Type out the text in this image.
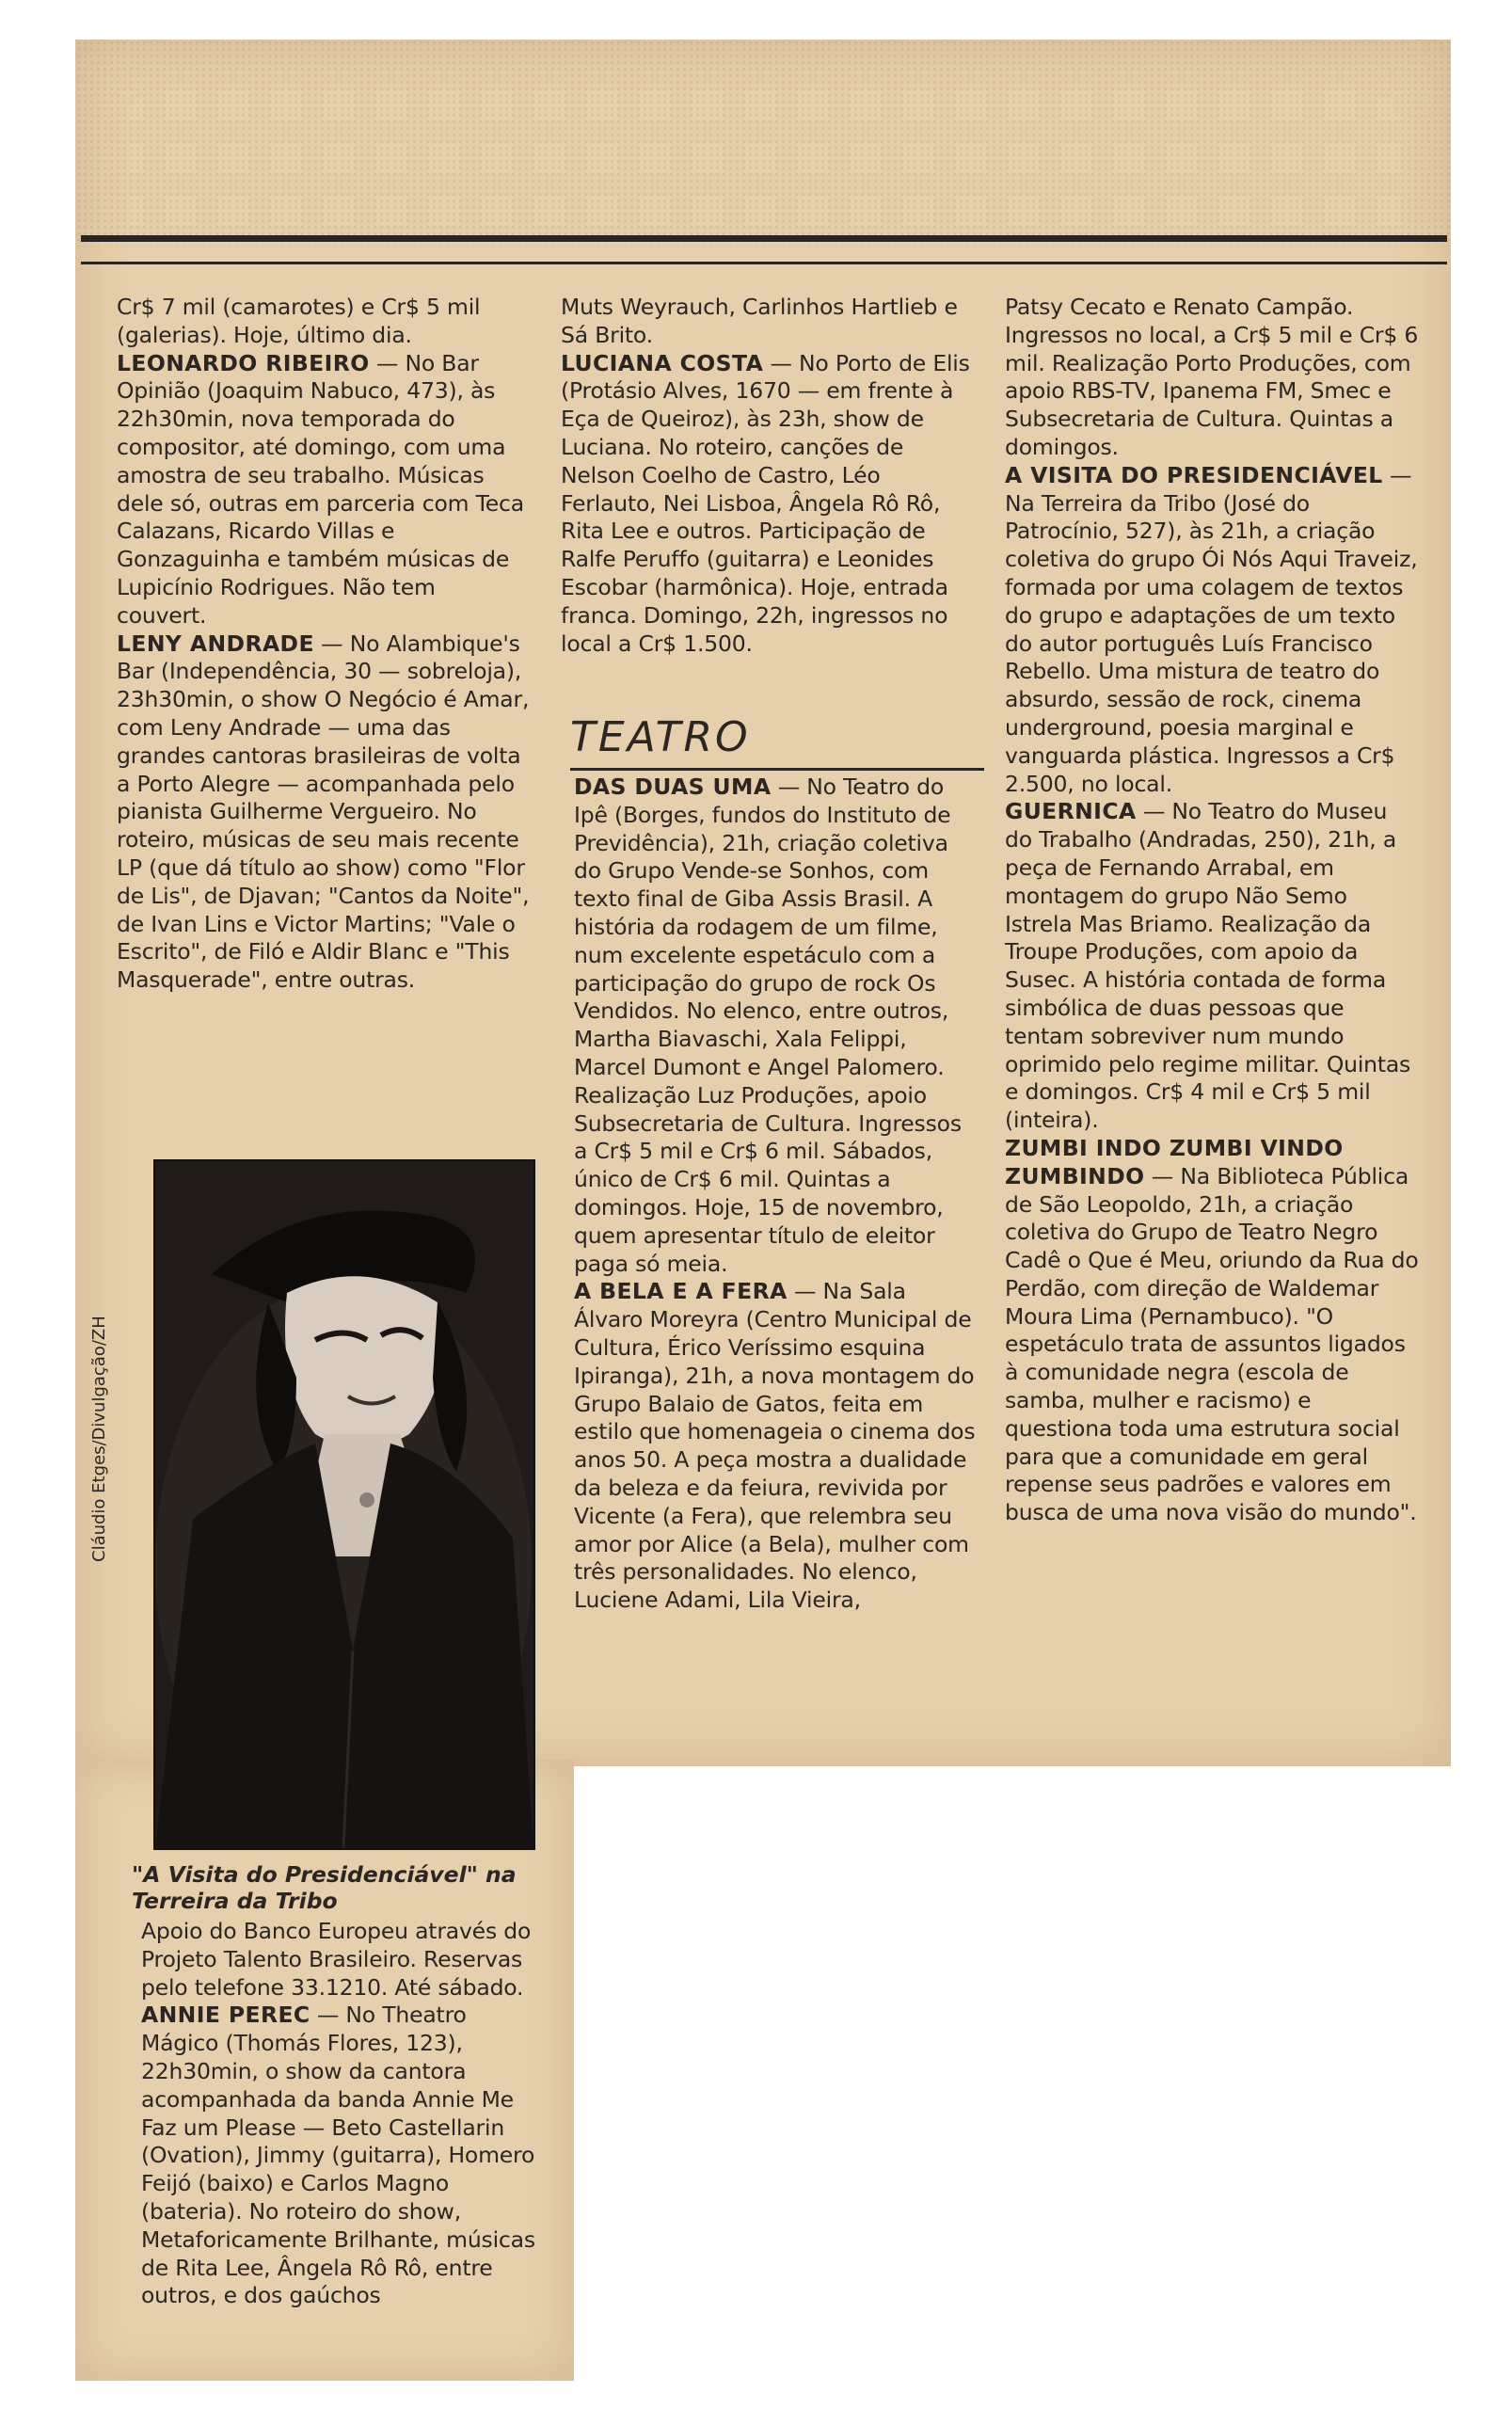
Cr$ 7 mil (camarotes) e Cr$ 5 mil (galerias). Hoje, último dia.

LEONARDO RIBEIRO — No Bar Opinião (Joaquim Nabuco, 473), às 22h30min, nova temporada do compositor, até domingo, com uma amostra de seu trabalho. Músicas dele só, outras em parceria com Teca Calazans, Ricardo Villas e Gonzaguinha e também músicas de Lupicínio Rodrigues. Não tem couvert.

LENY ANDRADE — No Alambique's Bar (Independência, 30 — sobreloja), 23h30min, o show O Negócio é Amar, com Leny Andrade — uma das grandes cantoras brasileiras de volta a Porto Alegre — acompanhada pelo pianista Guilherme Vergueiro. No roteiro, músicas de seu mais recente LP (que dá título ao show) como "Flor de Lis", de Djavan; "Cantos da Noite", de Ivan Lins e Victor Martins; "Vale o Escrito", de Filó e Aldir Blanc e "This Masquerade", entre outras.

Cláudio Etges/Divulgação/ZH
"A Visita do Presidenciável" na Terreira da Tribo

Apoio do Banco Europeu através do Projeto Talento Brasileiro. Reservas pelo telefone 33.1210. Até sábado.

ANNIE PEREC — No Theatro Mágico (Thomás Flores, 123), 22h30min, o show da cantora acompanhada da banda Annie Me Faz um Please — Beto Castellarin (Ovation), Jimmy (guitarra), Homero Feijó (baixo) e Carlos Magno (bateria). No roteiro do show, Metaforicamente Brilhante, músicas de Rita Lee, Ângela Rô Rô, entre outros, e dos gaúchos

Muts Weyrauch, Carlinhos Hartlieb e Sá Brito.

LUCIANA COSTA — No Porto de Elis (Protásio Alves, 1670 — em frente à Eça de Queiroz), às 23h, show de Luciana. No roteiro, canções de Nelson Coelho de Castro, Léo Ferlauto, Nei Lisboa, Ângela Rô Rô, Rita Lee e outros. Participação de Ralfe Peruffo (guitarra) e Leonides Escobar (harmônica). Hoje, entrada franca. Domingo, 22h, ingressos no local a Cr$ 1.500.

TEATRO

DAS DUAS UMA — No Teatro do Ipê (Borges, fundos do Instituto de Previdência), 21h, criação coletiva do Grupo Vende-se Sonhos, com texto final de Giba Assis Brasil. A história da rodagem de um filme, num excelente espetáculo com a participação do grupo de rock Os Vendidos. No elenco, entre outros, Martha Biavaschi, Xala Felippi, Marcel Dumont e Angel Palomero. Realização Luz Produções, apoio Subsecretaria de Cultura. Ingressos a Cr$ 5 mil e Cr$ 6 mil. Sábados, único de Cr$ 6 mil. Quintas a domingos. Hoje, 15 de novembro, quem apresentar título de eleitor paga só meia.

A BELA E A FERA — Na Sala Álvaro Moreyra (Centro Municipal de Cultura, Érico Veríssimo esquina Ipiranga), 21h, a nova montagem do Grupo Balaio de Gatos, feita em estilo que homenageia o cinema dos anos 50. A peça mostra a dualidade da beleza e da feiura, revivida por Vicente (a Fera), que relembra seu amor por Alice (a Bela), mulher com três personalidades. No elenco, Luciene Adami, Lila Vieira,

Patsy Cecato e Renato Campão. Ingressos no local, a Cr$ 5 mil e Cr$ 6 mil. Realização Porto Produções, com apoio RBS-TV, Ipanema FM, Smec e Subsecretaria de Cultura. Quintas a domingos.

A VISITA DO PRESIDENCIÁVEL — Na Terreira da Tribo (José do Patrocínio, 527), às 21h, a criação coletiva do grupo Ói Nós Aqui Traveiz, formada por uma colagem de textos do grupo e adaptações de um texto do autor português Luís Francisco Rebello. Uma mistura de teatro do absurdo, sessão de rock, cinema underground, poesia marginal e vanguarda plástica. Ingressos a Cr$ 2.500, no local.

GUERNICA — No Teatro do Museu do Trabalho (Andradas, 250), 21h, a peça de Fernando Arrabal, em montagem do grupo Não Semo Istrela Mas Briamo. Realização da Troupe Produções, com apoio da Susec. A história contada de forma simbólica de duas pessoas que tentam sobreviver num mundo oprimido pelo regime militar. Quintas e domingos. Cr$ 4 mil e Cr$ 5 mil (inteira).

ZUMBI INDO ZUMBI VINDO ZUMBINDO — Na Biblioteca Pública de São Leopoldo, 21h, a criação coletiva do Grupo de Teatro Negro Cadê o Que é Meu, oriundo da Rua do Perdão, com direção de Waldemar Moura Lima (Pernambuco). "O espetáculo trata de assuntos ligados à comunidade negra (escola de samba, mulher e racismo) e questiona toda uma estrutura social para que a comunidade em geral repense seus padrões e valores em busca de uma nova visão do mundo".
